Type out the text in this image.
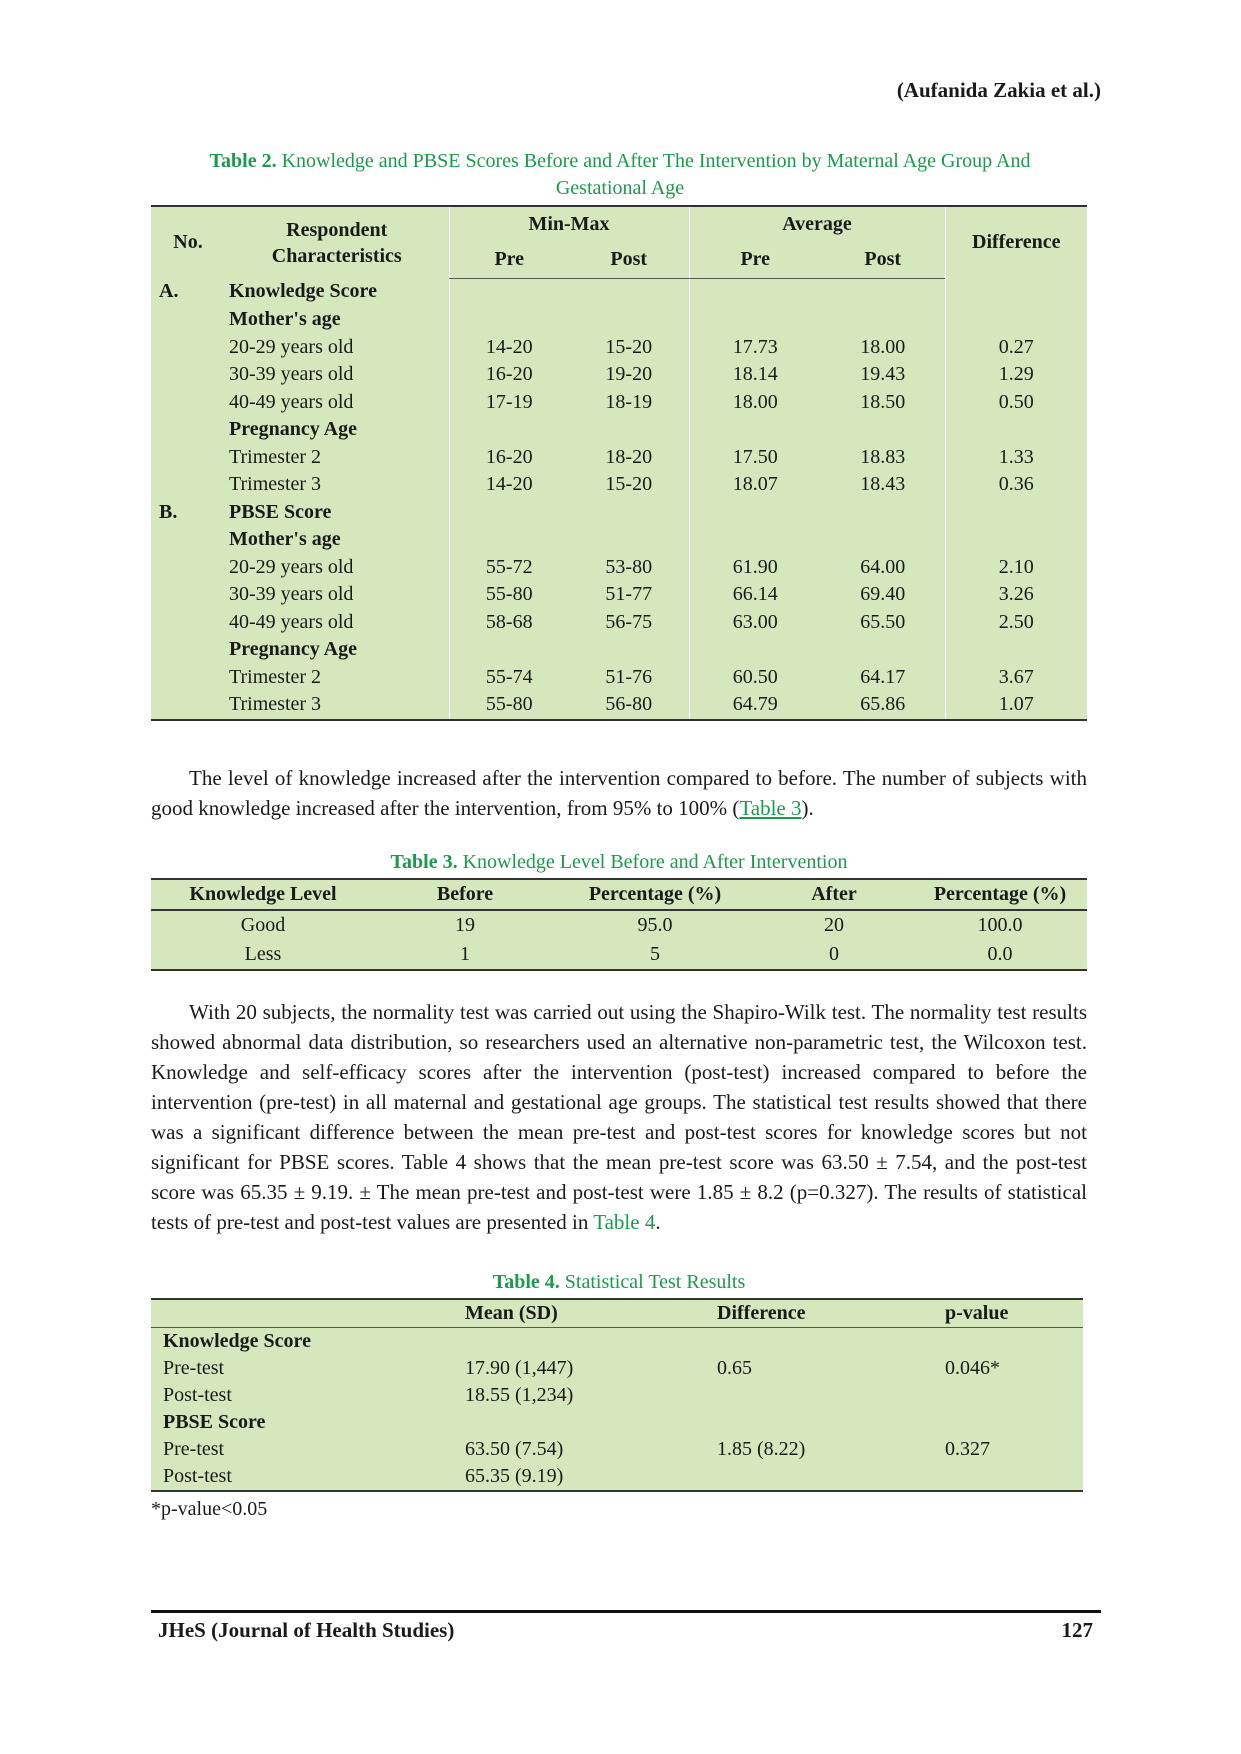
(Aufanida Zakia et al.)
Table 2. Knowledge and PBSE Scores Before and After The Intervention by Maternal Age Group And Gestational Age
No.	Respondent Characteristics	Min-Max		Average		Difference
		Pre	Post	Pre	Post	
A.	Knowledge Score					
	Mother's age					
	20-29 years old	14-20	15-20	17.73	18.00	0.27
	30-39 years old	16-20	19-20	18.14	19.43	1.29
	40-49 years old	17-19	18-19	18.00	18.50	0.50
	Pregnancy Age					
	Trimester 2	16-20	18-20	17.50	18.83	1.33
	Trimester 3	14-20	15-20	18.07	18.43	0.36
B.	PBSE Score					
	Mother's age					
	20-29 years old	55-72	53-80	61.90	64.00	2.10
	30-39 years old	55-80	51-77	66.14	69.40	3.26
	40-49 years old	58-68	56-75	63.00	65.50	2.50
	Pregnancy Age					
	Trimester 2	55-74	51-76	60.50	64.17	3.67
	Trimester 3	55-80	56-80	64.79	65.86	1.07

The level of knowledge increased after the intervention compared to before. The number of subjects with good knowledge increased after the intervention, from 95% to 100% (Table 3).

Table 3. Knowledge Level Before and After Intervention
Knowledge Level	Before	Percentage (%)	After	Percentage (%)
Good	19	95.0	20	100.0
Less	1	5	0	0.0

With 20 subjects, the normality test was carried out using the Shapiro-Wilk test. The normality test results showed abnormal data distribution, so researchers used an alternative non-parametric test, the Wilcoxon test. Knowledge and self-efficacy scores after the intervention (post-test) increased compared to before the intervention (pre-test) in all maternal and gestational age groups. The statistical test results showed that there was a significant difference between the mean pre-test and post-test scores for knowledge scores but not significant for PBSE scores. Table 4 shows that the mean pre-test score was 63.50 ± 7.54, and the post-test score was 65.35 ± 9.19. ± The mean pre-test and post-test were 1.85 ± 8.2 (p=0.327). The results of statistical tests of pre-test and post-test values are presented in Table 4.

Table 4. Statistical Test Results
	Mean (SD)	Difference	p-value
Knowledge Score			
Pre-test	17.90 (1,447)	0.65	0.046*
Post-test	18.55 (1,234)		
PBSE Score			
Pre-test	63.50 (7.54)	1.85 (8.22)	0.327
Post-test	65.35 (9.19)		
*p-value<0.05
JHeS (Journal of Health Studies)	127
